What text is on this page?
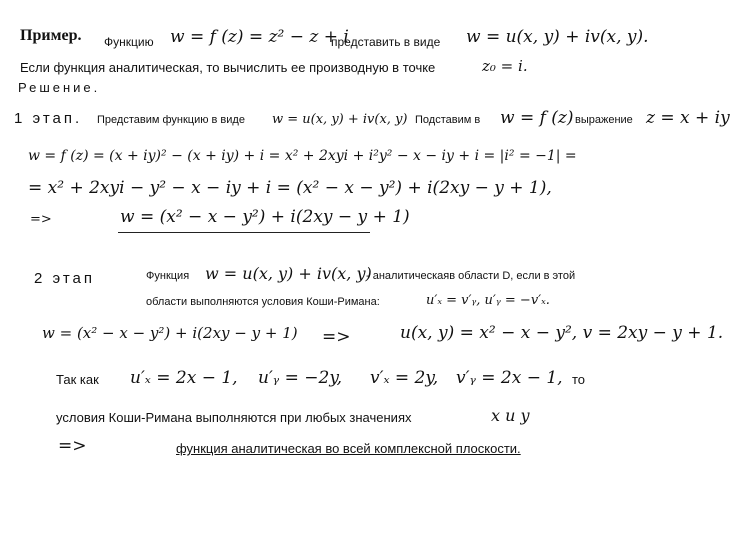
Пример. Функцию w = f (z) = z² − z + i
представить в виде w = u(x, y) + iv(x, y).
Если функция аналитическая, то вычислить ее производную в точке	z₀ = i.
Решение.
1 этап. Представим функцию в виде w = u(x, y) + iv(x, y) Подставим в w = f (z) выражение z = x + iy
w = f (z) = (x + iy)² − (x + iy) + i = x² + 2xyi + i²y² − x − iy + i = |i² = −1| =
= x² + 2xyi − y² − x − iy + i = (x² − x − y²) + i(2xy − y + 1),
=>	w = (x² − x − y²) + i(2xy − y + 1)
2 этап	Функция w = u(x, y) + iv(x, y)
- аналитическаяв области D, если в этой
области выполняются условия Коши-Римана:	u′ₓ = v′ᵧ, u′ᵧ = −v′ₓ.
w = (x² − x − y²) + i(2xy − y + 1) =>	u(x, y) = x² − x − y², v = 2xy − y + 1.
Так как u′ₓ = 2x − 1, u′ᵧ = −2y, v′ₓ = 2y, v′ᵧ = 2x − 1, то
условия Коши-Римана выполняются при любых значениях	x и y
=>	функция аналитическая во всей комплексной плоскости.
